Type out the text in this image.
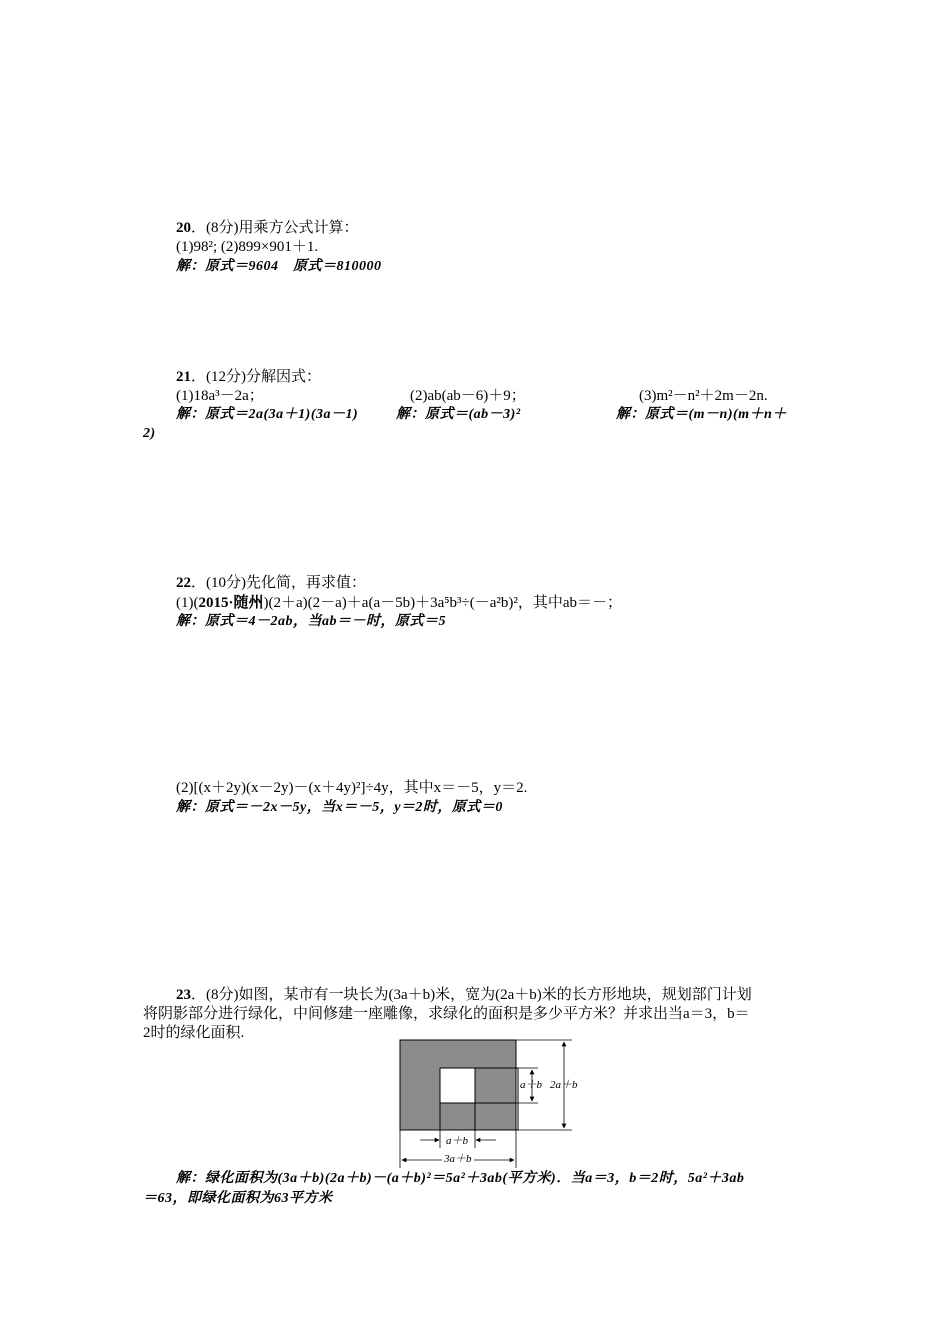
20．(8分)用乘方公式计算：
(1)98²; (2)899×901＋1.
解：原式＝9604　原式＝810000
21．(12分)分解因式：
(1)18a³－2a；	(2)ab(ab－6)＋9；	(3)m²－n²＋2m－2n.
解：原式＝2a(3a＋1)(3a－1)	解：原式＝(ab－3)²	解：原式＝(m－n)(m＋n＋
2)
22．(10分)先化简，再求值：
(1)(2015·随州)(2＋a)(2－a)＋a(a－5b)＋3a⁵b³÷(－a²b)²，其中ab＝－；
解：原式＝4－2ab，当ab＝－时，原式＝5
(2)[(x＋2y)(x－2y)－(x＋4y)²]÷4y，其中x＝－5，y＝2.
解：原式＝－2x－5y，当x＝－5，y＝2时，原式＝0
23．(8分)如图，某市有一块长为(3a＋b)米，宽为(2a＋b)米的长方形地块，规划部门计划
将阴影部分进行绿化，中间修建一座雕像，求绿化的面积是多少平方米？并求出当a＝3，b＝
2时的绿化面积.
a＋b 2a＋b
a＋b
3a＋b
解：绿化面积为(3a＋b)(2a＋b)－(a＋b)²＝5a²＋3ab(平方米)．当a＝3，b＝2时，5a²＋3ab
＝63，即绿化面积为63平方米
